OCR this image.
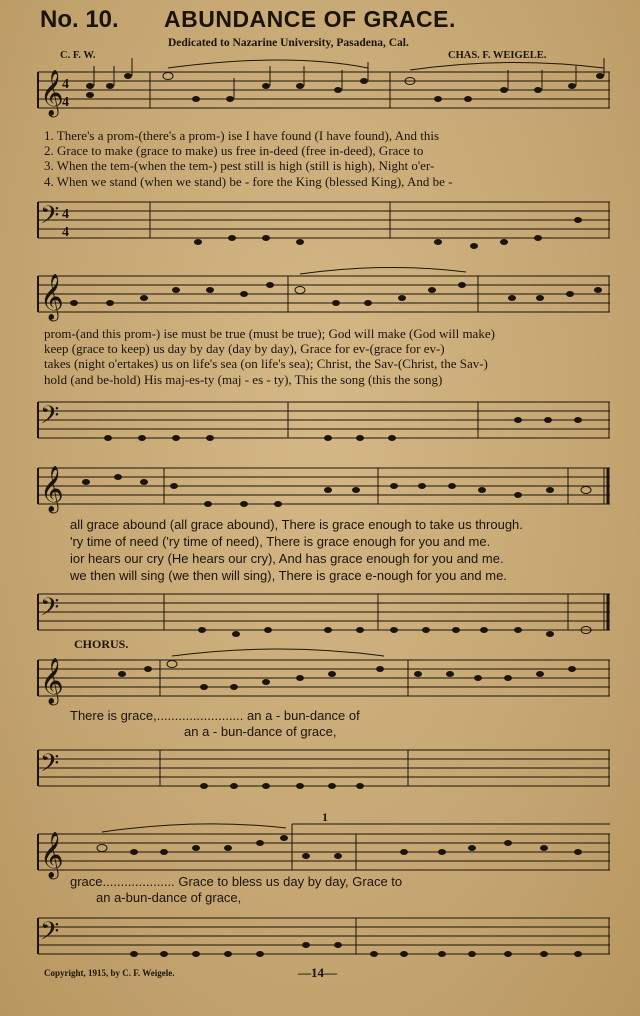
No. 10. ABUNDANCE OF GRACE.
Dedicated to Nazarine University, Pasadena, Cal.
C. F. W.	CHAS. F. WEIGELE.
𝄞
4
4
1. There's a prom-(there's a prom-) ise I have found (I have found), And this
2. Grace to make (grace to make) us free in-deed (free in-deed), Grace to
3. When the tem-(when the tem-) pest still is high (still is high), Night o'er-
4. When we stand (when we stand) be - fore the King (blessed King), And be -
𝄢 4
4
𝄞
prom-(and this prom-) ise must be true (must be true); God will make (God will make)
keep (grace to keep) us day by day (day by day), Grace for ev-(grace for ev-)
takes (night o'ertakes) us on life's sea (on life's sea); Christ, the Sav-(Christ, the Sav-)
hold (and be-hold) His maj-es-ty (maj - es - ty), This the song (this the song)
𝄢
𝄞
all grace abound (all grace abound), There is grace enough to take us through.
'ry time of need ('ry time of need), There is grace enough for you and me.
ior hears our cry (He hears our cry), And has grace enough for you and me.
we then will sing (we then will sing), There is grace e-nough for you and me.
𝄢
CHORUS.
𝄞
There is grace,........................ an a - bun-dance of
an a - bun-dance of grace,
𝄢
1
𝄞
grace.................... Grace to bless us day by day, Grace to
an a-bun-dance of grace,
𝄢
Copyright, 1915, by C. F. Weigele.	—14—
